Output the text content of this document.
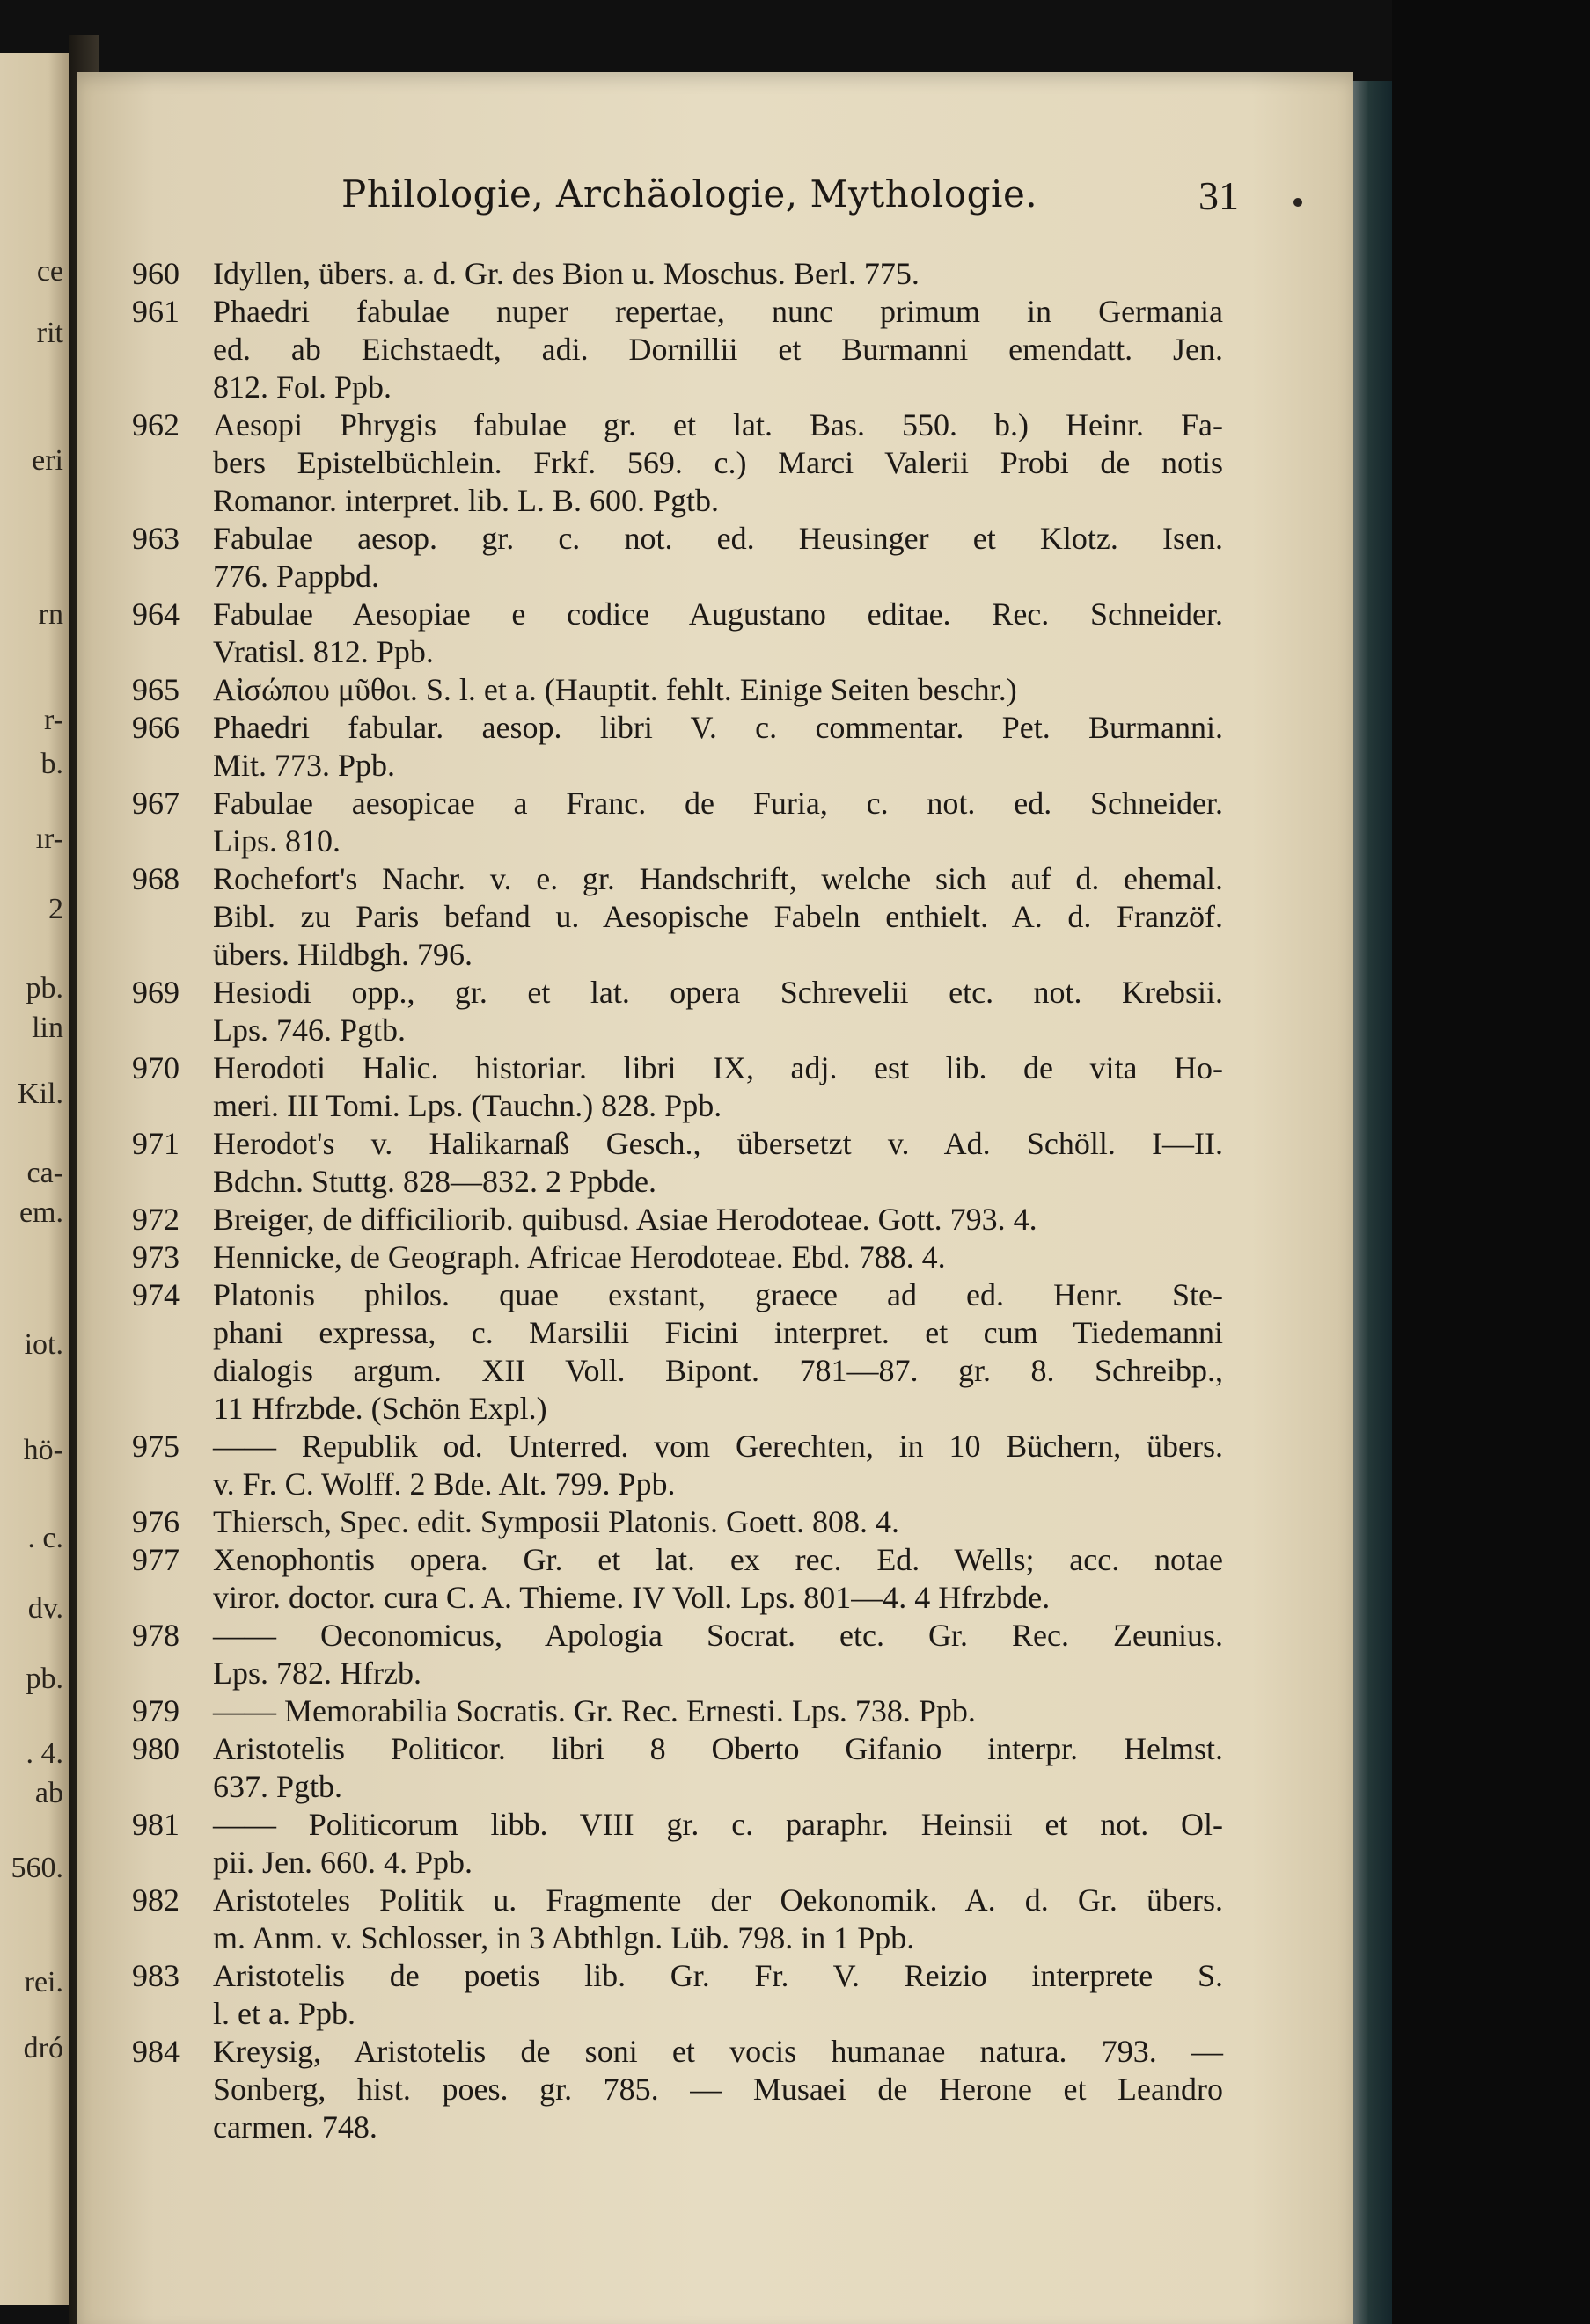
Philologie, Archäologie, Mythologie.	31
ce
rit
eri
rn
r-
b.
ır-
2
pb.
lin
Kil.
ca-
em.
iot.
hö-
. c.
dv.
pb.
. 4.
ab
560.
rei.
dró
960	Idyllen, übers. a. d. Gr. des Bion u. Moschus. Berl. 775.
961	Phaedri fabulae nuper repertae, nunc primum in Germania
ed. ab Eichstaedt, adi. Dornillii et Burmanni emendatt. Jen.
812. Fol. Ppb.
962	Aesopi Phrygis fabulae gr. et lat. Bas. 550. b.) Heinr. Fa-
bers Epistelbüchlein. Frkf. 569. c.) Marci Valerii Probi de notis
Romanor. interpret. lib. L. B. 600. Pgtb.
963	Fabulae aesop. gr. c. not. ed. Heusinger et Klotz. Isen.
776. Pappbd.
964	Fabulae Aesopiae e codice Augustano editae. Rec. Schneider.
Vratisl. 812. Ppb.
965	Αἰσώπου μῦθοι. S. l. et a. (Hauptit. fehlt. Einige Seiten beschr.)
966	Phaedri fabular. aesop. libri V. c. commentar. Pet. Burmanni.
Mit. 773. Ppb.
967	Fabulae aesopicae a Franc. de Furia, c. not. ed. Schneider.
Lips. 810.
968	Rochefort's Nachr. v. e. gr. Handschrift, welche sich auf d. ehemal.
Bibl. zu Paris befand u. Aesopische Fabeln enthielt. A. d. Franzöf.
übers. Hildbgh. 796.
969	Hesiodi opp., gr. et lat. opera Schrevelii etc. not. Krebsii.
Lps. 746. Pgtb.
970	Herodoti Halic. historiar. libri IX, adj. est lib. de vita Ho-
meri. III Tomi. Lps. (Tauchn.) 828. Ppb.
971	Herodot's v. Halikarnaß Gesch., übersetzt v. Ad. Schöll. I—II.
Bdchn. Stuttg. 828—832. 2 Ppbde.
972	Breiger, de difficiliorib. quibusd. Asiae Herodoteae. Gott. 793. 4.
973	Hennicke, de Geograph. Africae Herodoteae. Ebd. 788. 4.
974	Platonis philos. quae exstant, graece ad ed. Henr. Ste-
phani expressa, c. Marsilii Ficini interpret. et cum Tiedemanni
dialogis argum. XII Voll. Bipont. 781—87. gr. 8. Schreibp.,
11 Hfrzbde. (Schön Expl.)
975	—— Republik od. Unterred. vom Gerechten, in 10 Büchern, übers.
v. Fr. C. Wolff. 2 Bde. Alt. 799. Ppb.
976	Thiersch, Spec. edit. Symposii Platonis. Goett. 808. 4.
977	Xenophontis opera. Gr. et lat. ex rec. Ed. Wells; acc. notae
viror. doctor. cura C. A. Thieme. IV Voll. Lps. 801—4. 4 Hfrzbde.
978	—— Oeconomicus, Apologia Socrat. etc. Gr. Rec. Zeunius.
Lps. 782. Hfrzb.
979	—— Memorabilia Socratis. Gr. Rec. Ernesti. Lps. 738. Ppb.
980	Aristotelis Politicor. libri 8 Oberto Gifanio interpr. Helmst.
637. Pgtb.
981	—— Politicorum libb. VIII gr. c. paraphr. Heinsii et not. Ol-
pii. Jen. 660. 4. Ppb.
982	Aristoteles Politik u. Fragmente der Oekonomik. A. d. Gr. übers.
m. Anm. v. Schlosser, in 3 Abthlgn. Lüb. 798. in 1 Ppb.
983	Aristotelis de poetis lib. Gr. Fr. V. Reizio interprete S.
l. et a. Ppb.
984	Kreysig, Aristotelis de soni et vocis humanae natura. 793. —
Sonberg, hist. poes. gr. 785. — Musaei de Herone et Leandro
carmen. 748.
